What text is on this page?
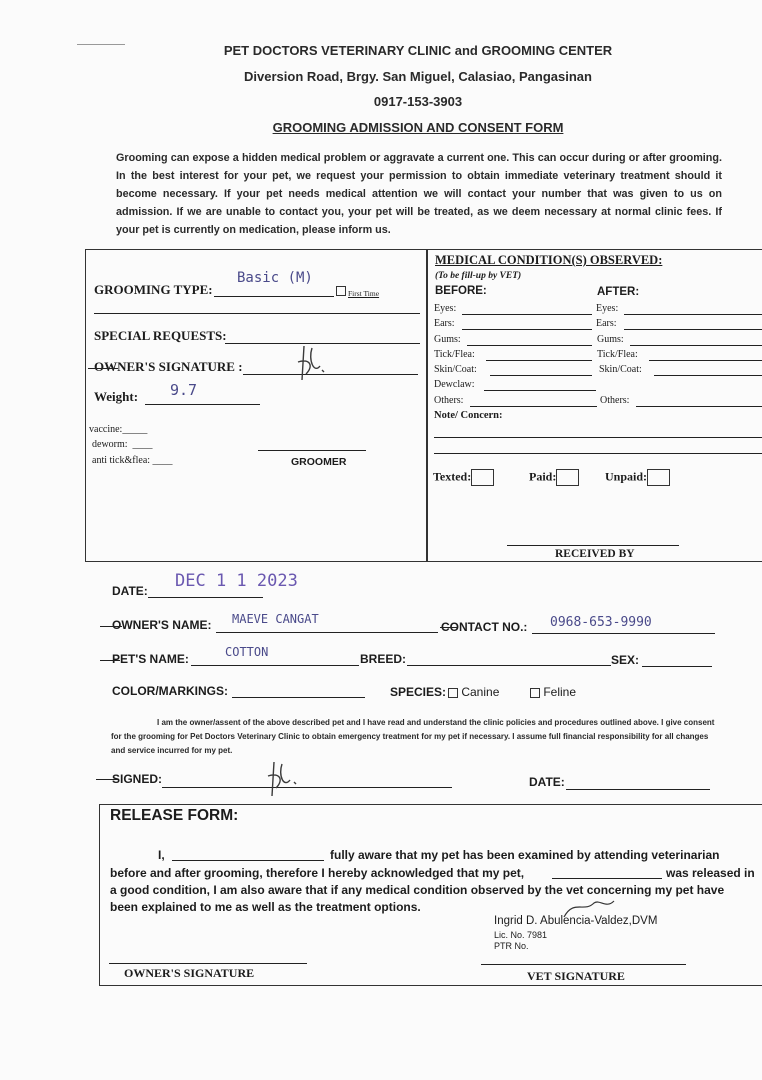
PET DOCTORS VETERINARY CLINIC and GROOMING CENTER
Diversion Road, Brgy. San Miguel, Calasiao, Pangasinan
0917-153-3903
GROOMING ADMISSION AND CONSENT FORM
Grooming can expose a hidden medical problem or aggravate a current one. This can occur during or after grooming. In the best interest for your pet, we request your permission to obtain immediate veterinary treatment should it become necessary. If your pet needs medical attention we will contact your number that was given to us on admission. If we are unable to contact you, your pet will be treated, as we deem necessary at normal clinic fees. If your pet is currently on medication, please inform us.
GROOMING TYPE:
Basic (M)
First Time
SPECIAL REQUESTS:
OWNER'S SIGNATURE :
Weight: 9.7
vaccine:_____
deworm:  ____
anti tick&flea: ____	GROOMER
MEDICAL CONDITION(S) OBSERVED:
(To be fill-up by VET)
BEFORE:	AFTER:
Eyes:	Eyes:
Ears:	Ears:
Gums:	Gums:
Tick/Flea:	Tick/Flea:
Skin/Coat:	Skin/Coat:
Dewclaw:
Others:	Others:
Note/ Concern:
Texted:	Paid:	Unpaid:
RECEIVED BY
DATE: DEC 1 1 2023
OWNER'S NAME: MAEVE CANGAT
CONTACT NO.: 0968-653-9990
PET'S NAME:	COTTON	BREED:	SEX:
COLOR/MARKINGS:	SPECIES:	Canine	Feline
I am the owner/assent of the above described pet and I have read and understand the clinic policies and procedures outlined above. I give consent for the grooming for Pet Doctors Veterinary Clinic to obtain emergency treatment for my pet if necessary. I assume full financial responsibility for all changes and service incurred for my pet.
SIGNED:	DATE:
RELEASE FORM:
I,	fully aware that my pet has been examined by attending veterinarian
before and after grooming, therefore I hereby acknowledged that my pet,	was released in
a good condition, I am also aware that if any medical condition observed by the vet concerning my pet have
been explained to me as well as the treatment options.
Ingrid D. Abulencia-Valdez,DVM
Lic. No. 7981
PTR No.
OWNER'S SIGNATURE	VET SIGNATURE
